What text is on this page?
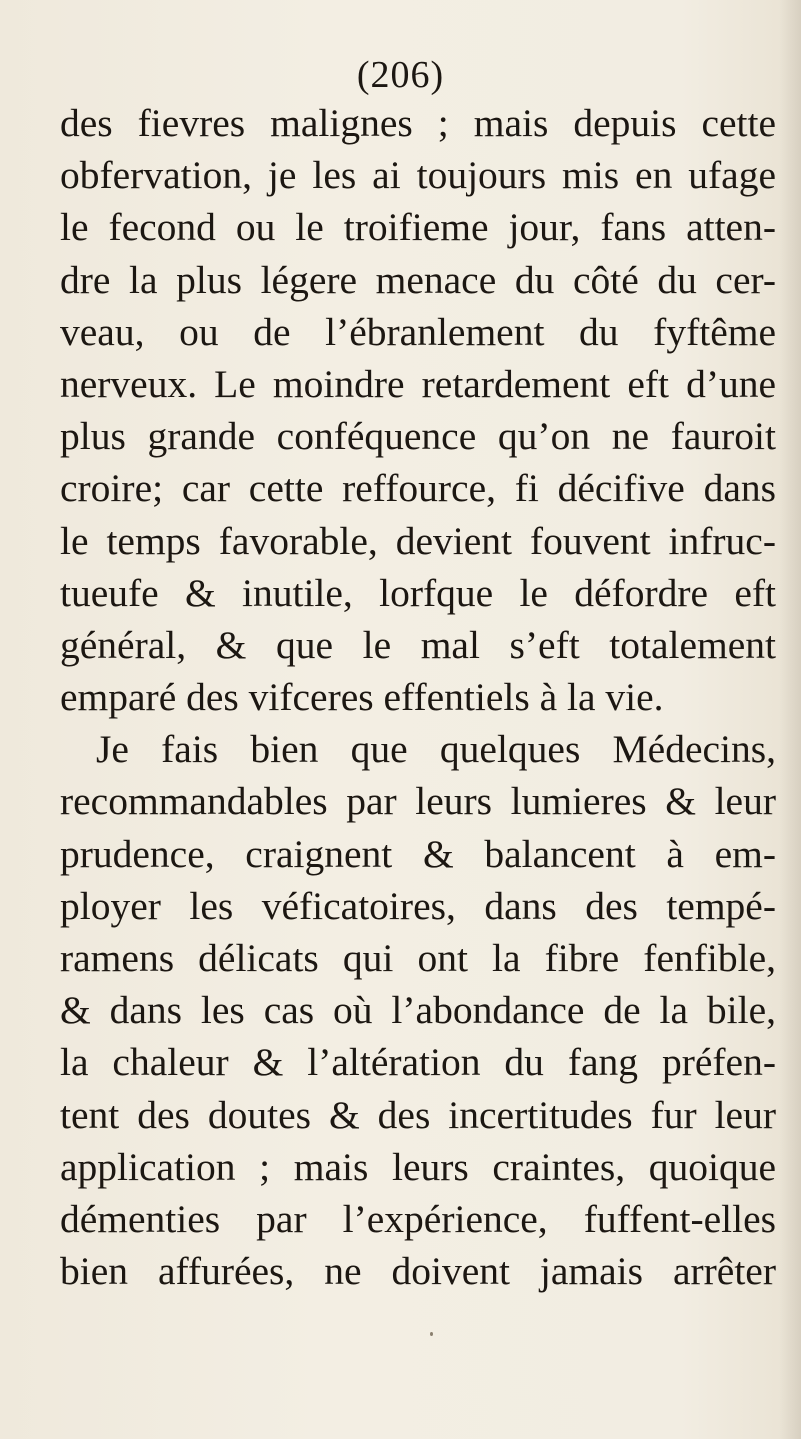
(206)
des fievres malignes ; mais depuis cette
obfervation, je les ai toujours mis en ufage
le fecond ou le troifieme jour, fans atten-
dre la plus légere menace du côté du cer-
veau, ou de l’ébranlement du fyftême
nerveux. Le moindre retardement eft d’une
plus grande conféquence qu’on ne fauroit
croire; car cette reffource, fi décifive dans
le temps favorable, devient fouvent infruc-
tueufe & inutile, lorfque le défordre eft
général, & que le mal s’eft totalement
emparé des vifceres effentiels à la vie.
Je fais bien que quelques Médecins,
recommandables par leurs lumieres & leur
prudence, craignent & balancent à em-
ployer les véficatoires, dans des tempé-
ramens délicats qui ont la fibre fenfible,
& dans les cas où l’abondance de la bile,
la chaleur & l’altération du fang préfen-
tent des doutes & des incertitudes fur leur
application ; mais leurs craintes, quoique
démenties par l’expérience, fuffent-elles
bien affurées, ne doivent jamais arrêter
